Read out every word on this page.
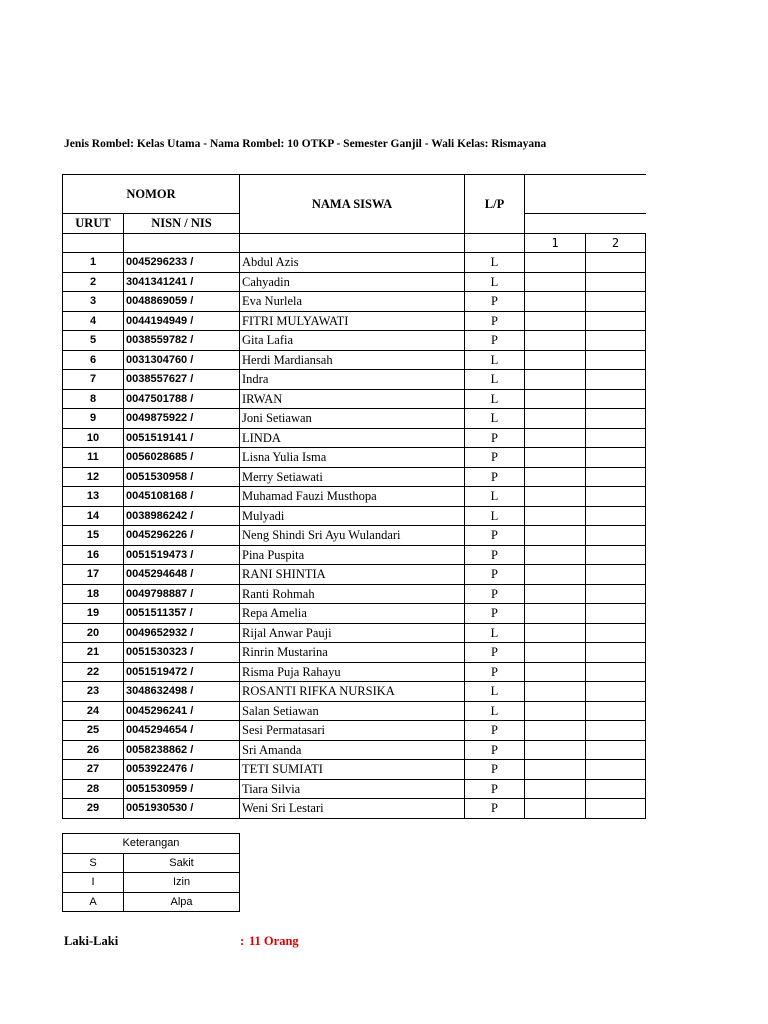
Jenis Rombel: Kelas Utama - Nama Rombel: 10 OTKP - Semester Ganjil - Wali Kelas: Rismayana
NOMOR		NAMA SISWA	L/P		
URUT	NISN / NIS				
				1	2
1	0045296233 /	Abdul Azis	L		
2	3041341241 /	Cahyadin	L		
3	0048869059 /	Eva Nurlela	P		
4	0044194949 /	FITRI MULYAWATI	P		
5	0038559782 /	Gita Lafia	P		
6	0031304760 /	Herdi Mardiansah	L		
7	0038557627 /	Indra	L		
8	0047501788 /	IRWAN	L		
9	0049875922 /	Joni Setiawan	L		
10	0051519141 /	LINDA	P		
11	0056028685 /	Lisna Yulia Isma	P		
12	0051530958 /	Merry Setiawati	P		
13	0045108168 /	Muhamad Fauzi Musthopa	L		
14	0038986242 /	Mulyadi	L		
15	0045296226 /	Neng Shindi Sri Ayu Wulandari	P		
16	0051519473 /	Pina Puspita	P		
17	0045294648 /	RANI SHINTIA	P		
18	0049798887 /	Ranti Rohmah	P		
19	0051511357 /	Repa Amelia	P		
20	0049652932 /	Rijal Anwar Pauji	L		
21	0051530323 /	Rinrin Mustarina	P		
22	0051519472 /	Risma Puja Rahayu	P		
23	3048632498 /	ROSANTI RIFKA NURSIKA	L		
24	0045296241 /	Salan Setiawan	L		
25	0045294654 /	Sesi Permatasari	P		
26	0058238862 /	Sri Amanda	P		
27	0053922476 /	TETI SUMIATI	P		
28	0051530959 /	Tiara Silvia	P		
29	0051930530 /	Weni Sri Lestari	P		
Keterangan	
S	Sakit
I	Izin
A	Alpa
Laki-Laki	: 11 Orang
